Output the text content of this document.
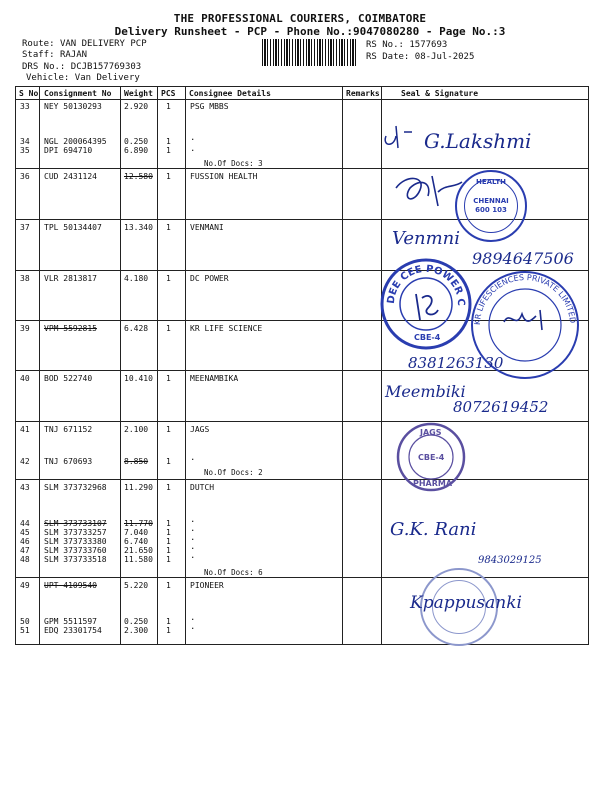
THE PROFESSIONAL COURIERS, COIMBATORE
Delivery Runsheet - PCP - Phone No.:9047080280 - Page No.:3
Route: VAN DELIVERY PCP
Staff: RAJAN
DRS No.: DCJB157769303
Vehicle: Van Delivery
RS No.: 1577693
RS Date: 08-Jul-2025
S No Consignment No Weight PCS Consignee Details	Remarks	Seal & Signature
33 NEY 50130293	2.920 1 PSG MBBS
34 NGL 200064395 0.250 1
35 DPI 694710	6.890 1
36 CUD 2431124	12.580 1 FUSSION HEALTH
37 TPL 50134407	13.340 1 VENMANI
38 VLR 2813817	4.180 1 DC POWER
39 VPM 5592815	6.428 1 KR LIFE SCIENCE
40 BOD 522740	10.410 1 MEENAMBIKA
41 TNJ 671152	2.100 1 JAGS
42 TNJ 670693	8.850 1
43 SLM 373732968 11.290 1 DUTCH
44 SLM 373733107 11.770 1
45 SLM 373733257 7.040 1
46 SLM 373733380 6.740 1
47 SLM 373733760 21.650 1
48 SLM 373733518 11.580 1
49 UPT 4109540	5.220 1 PIONEER
50 GPM 5511597	0.250 1
51 EDQ 23301754	2.300 1
.
.
.
.
.
.
.
.
.
.
No.Of Docs: 3
No.Of Docs: 2
No.Of Docs: 6
G.Lakshmi
HEALTH
CHENNAI
600 103
Venmni
9894647506
DEE CEE POWER CARE
CBE-4
KR LIFESCIENCES PRIVATE LIMITED
8381263130
Meembiki
8072619452
JAGS
CBE-4
PHARMA
G.K. Rani
9843029125
Kpappusanki
